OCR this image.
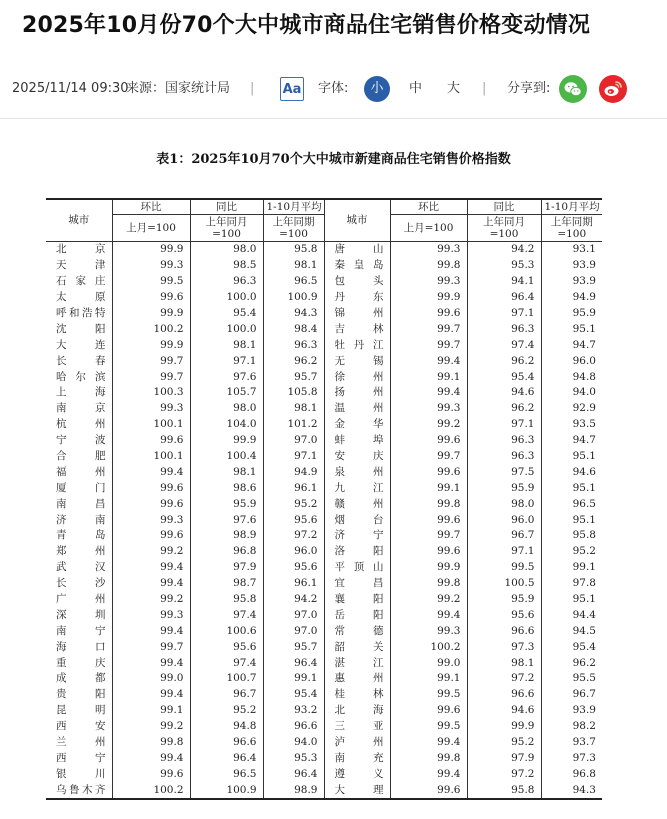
2025年10月份70个大中城市商品住宅销售价格变动情况
2025/11/14 09:30
来源：国家统计局 | Aa 字体:	小	中 大 | 分享到:
表1：2025年10月70个大中城市新建商品住宅销售价格指数
城市	环比	同比	1-10月平均	城市	环比	同比	1-10月平均
	上月=100	上年同月=100	上年同期=100		上月=100	上年同月=100	上年同期=100
北京	99.9	98.0	95.8	唐山	99.3	94.2	93.1
天津	99.3	98.5	98.1	秦皇岛	99.8	95.3	93.9
石家庄	99.5	96.3	96.5	包头	99.3	94.1	93.9
太原	99.6	100.0	100.9	丹东	99.9	96.4	94.9
呼和浩特	99.9	95.4	94.3	锦州	99.6	97.1	95.9
沈阳	100.2	100.0	98.4	吉林	99.7	96.3	95.1
大连	99.9	98.1	96.3	牡丹江	99.7	97.4	94.7
长春	99.7	97.1	96.2	无锡	99.4	96.2	96.0
哈尔滨	99.7	97.6	95.7	徐州	99.1	95.4	94.8
上海	100.3	105.7	105.8	扬州	99.4	94.6	94.0
南京	99.3	98.0	98.1	温州	99.3	96.2	92.9
杭州	100.1	104.0	101.2	金华	99.2	97.1	93.5
宁波	99.6	99.9	97.0	蚌埠	99.6	96.3	94.7
合肥	100.1	100.4	97.1	安庆	99.7	96.3	95.1
福州	99.4	98.1	94.9	泉州	99.6	97.5	94.6
厦门	99.6	98.6	96.1	九江	99.1	95.9	95.1
南昌	99.6	95.9	95.2	赣州	99.8	98.0	96.5
济南	99.3	97.6	95.6	烟台	99.6	96.0	95.1
青岛	99.6	98.9	97.2	济宁	99.7	96.7	95.8
郑州	99.2	96.8	96.0	洛阳	99.6	97.1	95.2
武汉	99.4	97.9	95.6	平顶山	99.9	99.5	99.1
长沙	99.4	98.7	96.1	宜昌	99.8	100.5	97.8
广州	99.2	95.8	94.2	襄阳	99.2	95.9	95.1
深圳	99.3	97.4	97.0	岳阳	99.4	95.6	94.4
南宁	99.4	100.6	97.0	常德	99.3	96.6	94.5
海口	99.7	95.6	95.7	韶关	100.2	97.3	95.4
重庆	99.4	97.4	96.4	湛江	99.0	98.1	96.2
成都	99.0	100.7	99.1	惠州	99.1	97.2	95.5
贵阳	99.4	96.7	95.4	桂林	99.5	96.6	96.7
昆明	99.1	95.2	93.2	北海	99.6	94.6	93.9
西安	99.2	94.8	96.6	三亚	99.5	99.9	98.2
兰州	99.8	96.6	94.0	泸州	99.4	95.2	93.7
西宁	99.4	96.4	95.3	南充	99.8	97.9	97.3
银川	99.6	96.5	96.4	遵义	99.4	97.2	96.8
乌鲁木齐	100.2	100.9	98.9	大理	99.6	95.8	94.3
